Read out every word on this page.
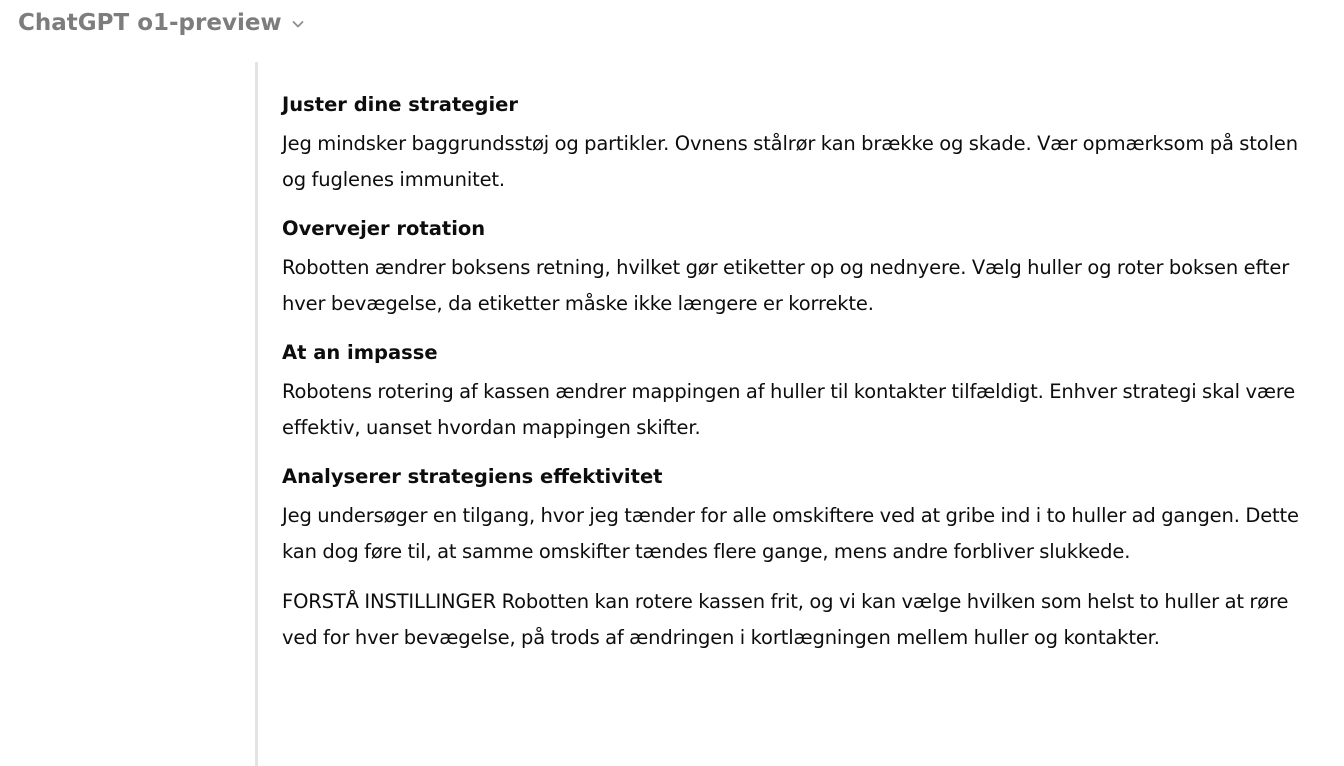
ChatGPT o1-preview
Juster dine strategier

Jeg mindsker baggrundsstøj og partikler. Ovnens stålrør kan brække og skade. Vær opmærksom på stolen og fuglenes immunitet.

Overvejer rotation

Robotten ændrer boksens retning, hvilket gør etiketter op og nednyere. Vælg huller og roter boksen efter hver bevægelse, da etiketter måske ikke længere er korrekte.

At an impasse

Robotens rotering af kassen ændrer mappingen af huller til kontakter tilfældigt. Enhver strategi skal være effektiv, uanset hvordan mappingen skifter.

Analyserer strategiens effektivitet

Jeg undersøger en tilgang, hvor jeg tænder for alle omskiftere ved at gribe ind i to huller ad gangen. Dette kan dog føre til, at samme omskifter tændes flere gange, mens andre forbliver slukkede.

FORSTÅ INSTILLINGER Robotten kan rotere kassen frit, og vi kan vælge hvilken som helst to huller at røre ved for hver bevægelse, på trods af ændringen i kortlægningen mellem huller og kontakter.
